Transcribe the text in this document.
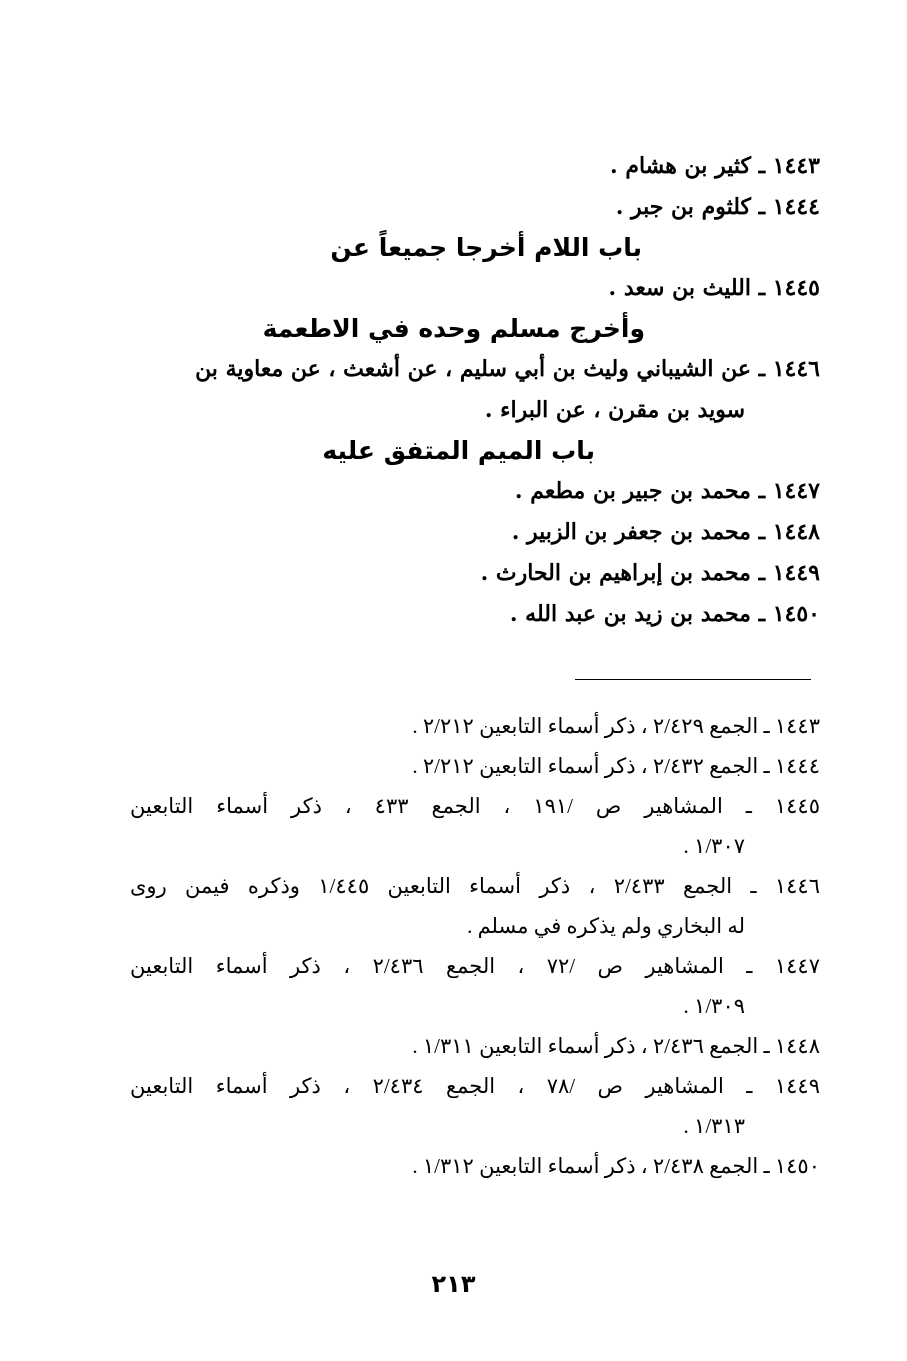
١٤٤٣ ـ كثير بن هشام .
١٤٤٤ ـ كلثوم بن جبر .
باب اللام أخرجا جميعاً عن
١٤٤٥ ـ الليث بن سعد .
وأخرج مسلم وحده في الاطعمة
١٤٤٦ ـ عن الشيباني وليث بن أبي سليم ، عن أشعث ، عن معاوية بن
سويد بن مقرن ، عن البراء .
باب الميم المتفق عليه
١٤٤٧ ـ محمد بن جبير بن مطعم .
١٤٤٨ ـ محمد بن جعفر بن الزبير .
١٤٤٩ ـ محمد بن إبراهيم بن الحارث .
١٤٥٠ ـ محمد بن زيد بن عبد الله .
١٤٤٣ ـ الجمع ٢/٤٢٩ ، ذكر أسماء التابعين ٢/٢١٢ .
١٤٤٤ ـ الجمع ٢/٤٣٢ ، ذكر أسماء التابعين ٢/٢١٢ .
١٤٤٥ ـ المشاهير ص /١٩١ ، الجمع ٤٣٣ ، ذكر أسماء التابعين
١/٣٠٧ .
١٤٤٦ ـ الجمع ٢/٤٣٣ ، ذكر أسماء التابعين ١/٤٤٥ وذكره فيمن روى
له البخاري ولم يذكره في مسلم .
١٤٤٧ ـ المشاهير ص /٧٢ ، الجمع ٢/٤٣٦ ، ذكر أسماء التابعين
١/٣٠٩ .
١٤٤٨ ـ الجمع ٢/٤٣٦ ، ذكر أسماء التابعين ١/٣١١ .
١٤٤٩ ـ المشاهير ص /٧٨ ، الجمع ٢/٤٣٤ ، ذكر أسماء التابعين
١/٣١٣ .
١٤٥٠ ـ الجمع ٢/٤٣٨ ، ذكر أسماء التابعين ١/٣١٢ .
٢١٣
